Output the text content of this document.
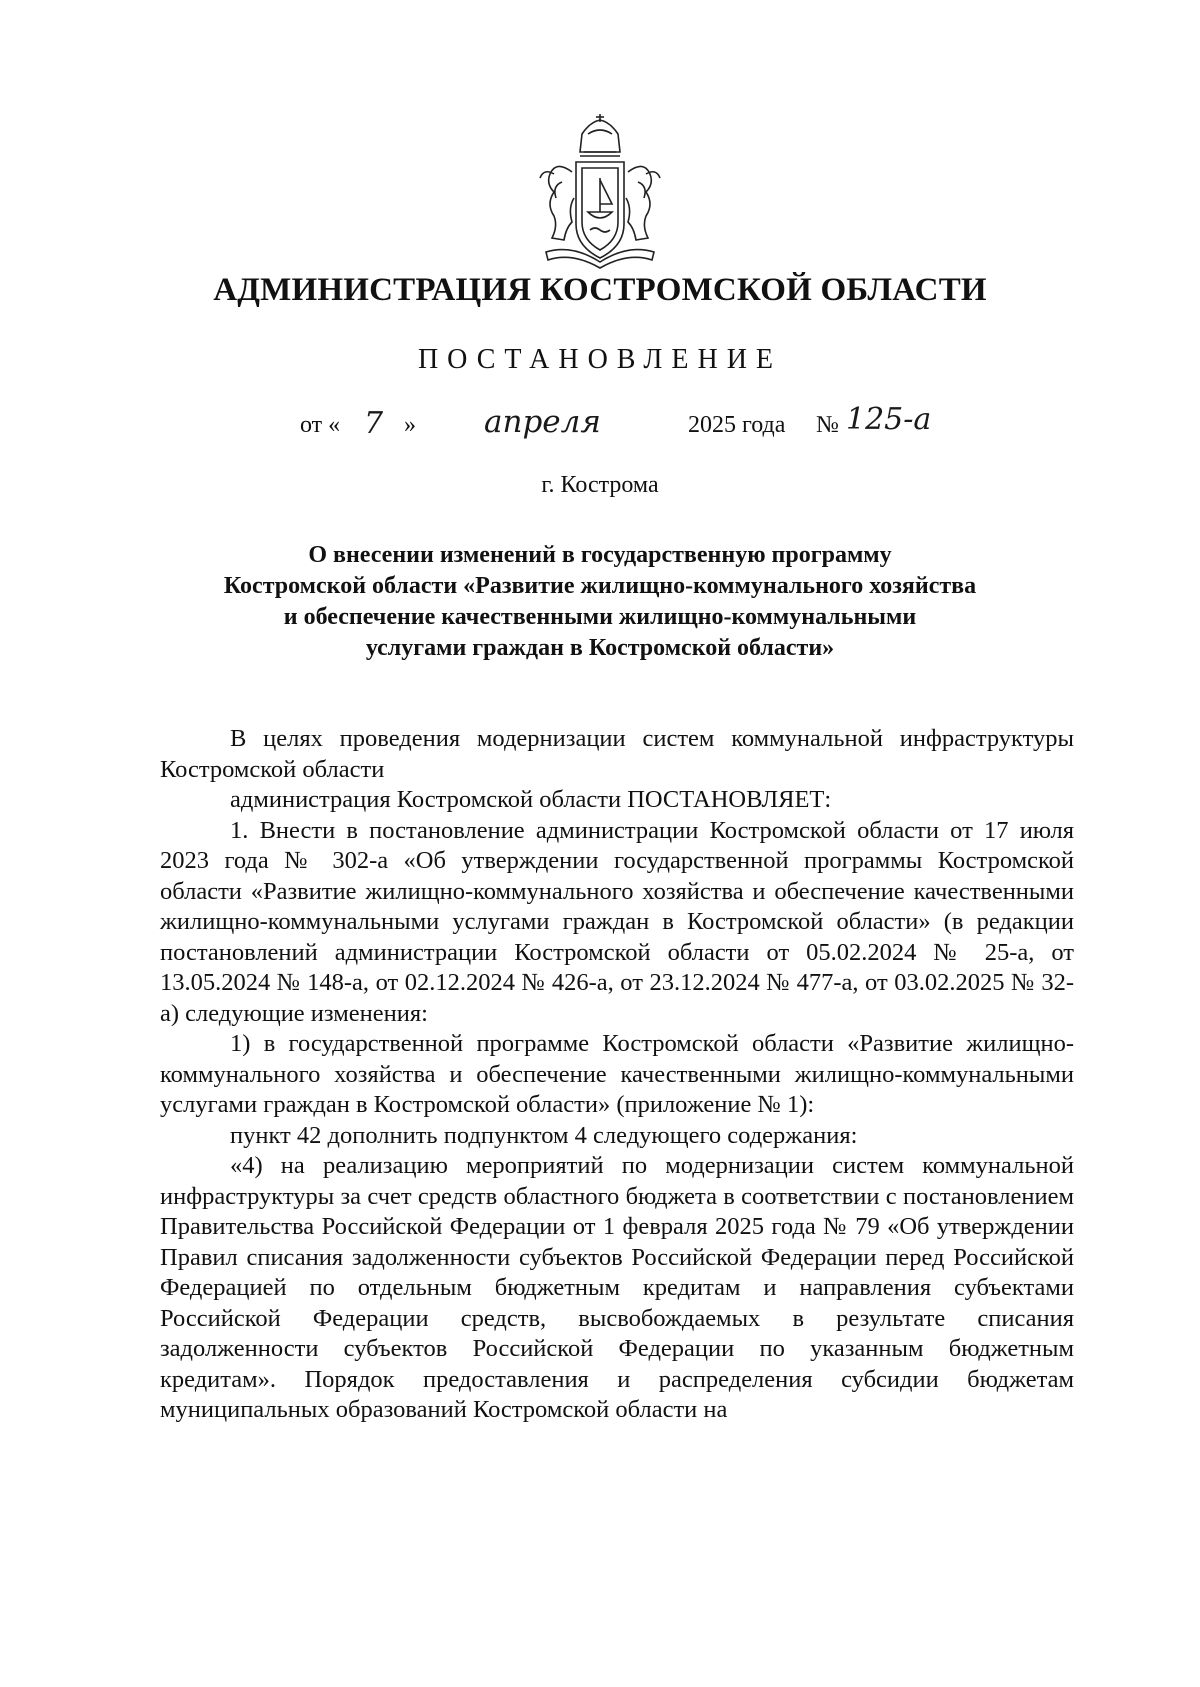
АДМИНИСТРАЦИЯ КОСТРОМСКОЙ ОБЛАСТИ
ПОСТАНОВЛЕНИЕ
от « 7 » апреля	2025 года № 125-а
г. Кострома
О внесении изменений в государственную программу
Костромской области «Развитие жилищно-коммунального хозяйства
и обеспечение качественными жилищно-коммунальными
услугами граждан в Костромской области»

В целях проведения модернизации систем коммунальной инфраструктуры Костромской области

администрация Костромской области ПОСТАНОВЛЯЕТ:

1. Внести в постановление администрации Костромской области от 17 июля 2023 года № 302-а «Об утверждении государственной программы Костромской области «Развитие жилищно-коммунального хозяйства и обеспечение качественными жилищно-коммунальными услугами граждан в Костромской области» (в редакции постановлений администрации Костромской области от 05.02.2024 № 25-а, от 13.05.2024 № 148-а, от 02.12.2024 № 426-а, от 23.12.2024 № 477-а, от 03.02.2025 № 32-а) следующие изменения:

1) в государственной программе Костромской области «Развитие жилищно-коммунального хозяйства и обеспечение качественными жилищно-коммунальными услугами граждан в Костромской области» (приложение № 1):

пункт 42 дополнить подпунктом 4 следующего содержания:

«4) на реализацию мероприятий по модернизации систем коммунальной инфраструктуры за счет средств областного бюджета в соответствии с постановлением Правительства Российской Федерации от 1 февраля 2025 года № 79 «Об утверждении Правил списания задолженности субъектов Российской Федерации перед Российской Федерацией по отдельным бюджетным кредитам и направления субъектами Российской Федерации средств, высвобождаемых в результате списания задолженности субъектов Российской Федерации по указанным бюджетным кредитам». Порядок предоставления и распределения субсидии бюджетам муниципальных образований Костромской области на
